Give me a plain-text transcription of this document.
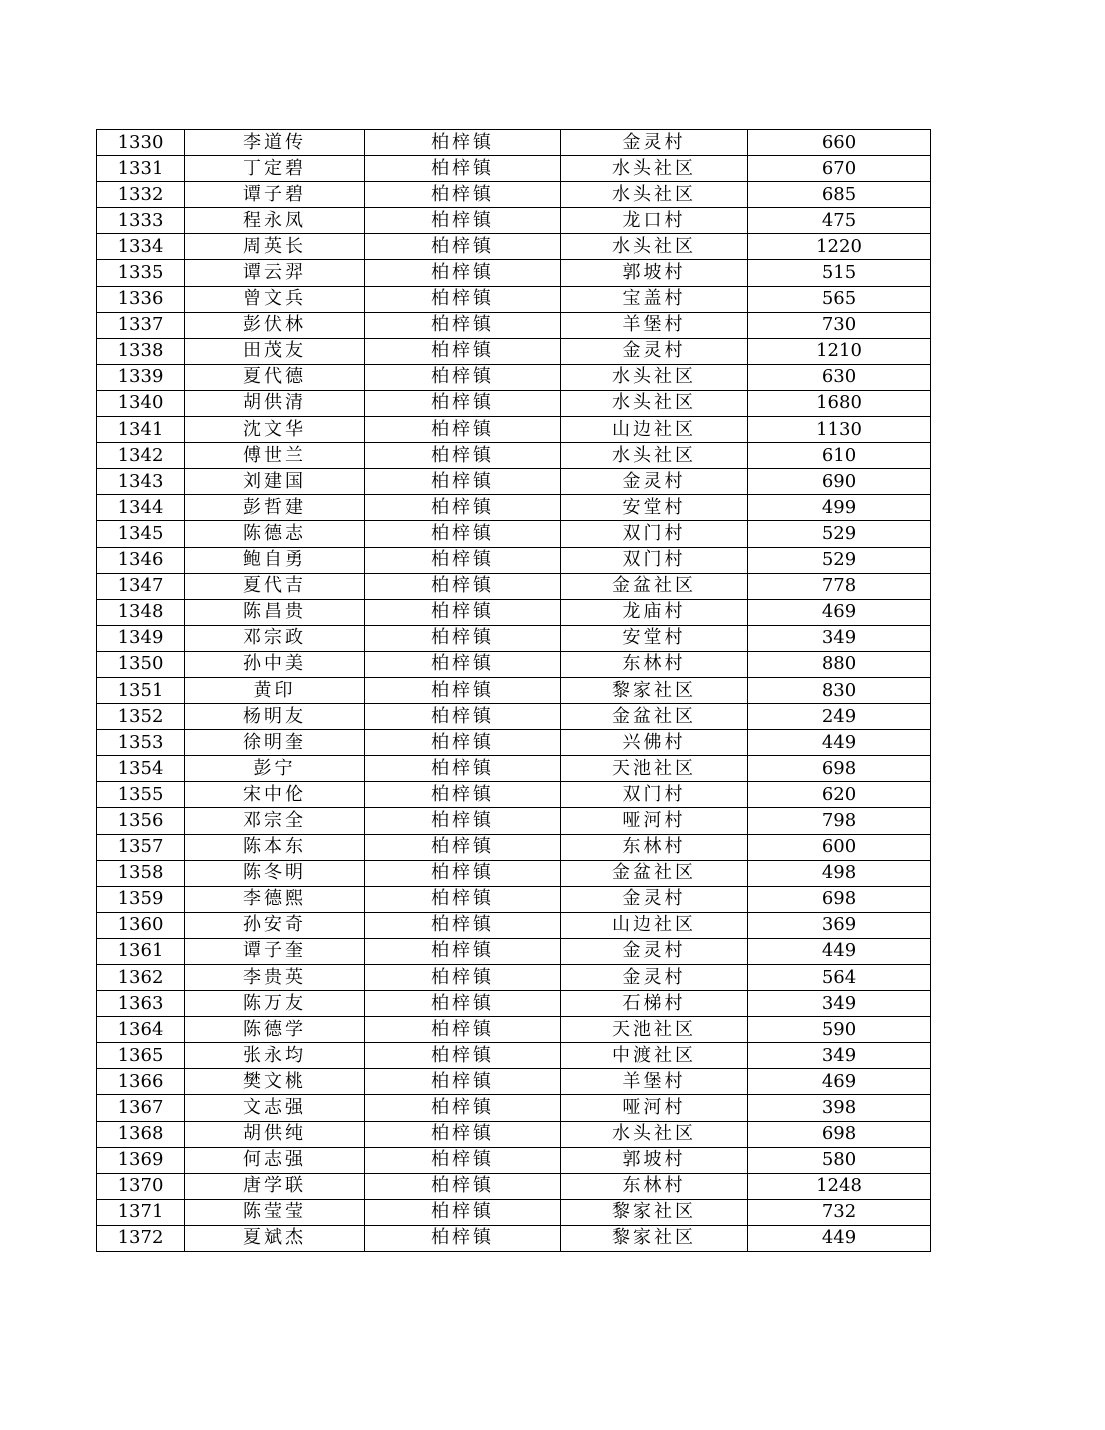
1330	李道传	柏梓镇	金灵村	660
1331	丁定碧	柏梓镇	水头社区	670
1332	谭子碧	柏梓镇	水头社区	685
1333	程永凤	柏梓镇	龙口村	475
1334	周英长	柏梓镇	水头社区	1220
1335	谭云羿	柏梓镇	郭坡村	515
1336	曾文兵	柏梓镇	宝盖村	565
1337	彭伏林	柏梓镇	羊堡村	730
1338	田茂友	柏梓镇	金灵村	1210
1339	夏代德	柏梓镇	水头社区	630
1340	胡供清	柏梓镇	水头社区	1680
1341	沈文华	柏梓镇	山边社区	1130
1342	傅世兰	柏梓镇	水头社区	610
1343	刘建国	柏梓镇	金灵村	690
1344	彭哲建	柏梓镇	安堂村	499
1345	陈德志	柏梓镇	双门村	529
1346	鲍自勇	柏梓镇	双门村	529
1347	夏代吉	柏梓镇	金盆社区	778
1348	陈昌贵	柏梓镇	龙庙村	469
1349	邓宗政	柏梓镇	安堂村	349
1350	孙中美	柏梓镇	东林村	880
1351	黄印	柏梓镇	黎家社区	830
1352	杨明友	柏梓镇	金盆社区	249
1353	徐明奎	柏梓镇	兴佛村	449
1354	彭宁	柏梓镇	天池社区	698
1355	宋中伦	柏梓镇	双门村	620
1356	邓宗全	柏梓镇	哑河村	798
1357	陈本东	柏梓镇	东林村	600
1358	陈冬明	柏梓镇	金盆社区	498
1359	李德熙	柏梓镇	金灵村	698
1360	孙安奇	柏梓镇	山边社区	369
1361	谭子奎	柏梓镇	金灵村	449
1362	李贵英	柏梓镇	金灵村	564
1363	陈万友	柏梓镇	石梯村	349
1364	陈德学	柏梓镇	天池社区	590
1365	张永均	柏梓镇	中渡社区	349
1366	樊文桃	柏梓镇	羊堡村	469
1367	文志强	柏梓镇	哑河村	398
1368	胡供纯	柏梓镇	水头社区	698
1369	何志强	柏梓镇	郭坡村	580
1370	唐学联	柏梓镇	东林村	1248
1371	陈莹莹	柏梓镇	黎家社区	732
1372	夏斌杰	柏梓镇	黎家社区	449
